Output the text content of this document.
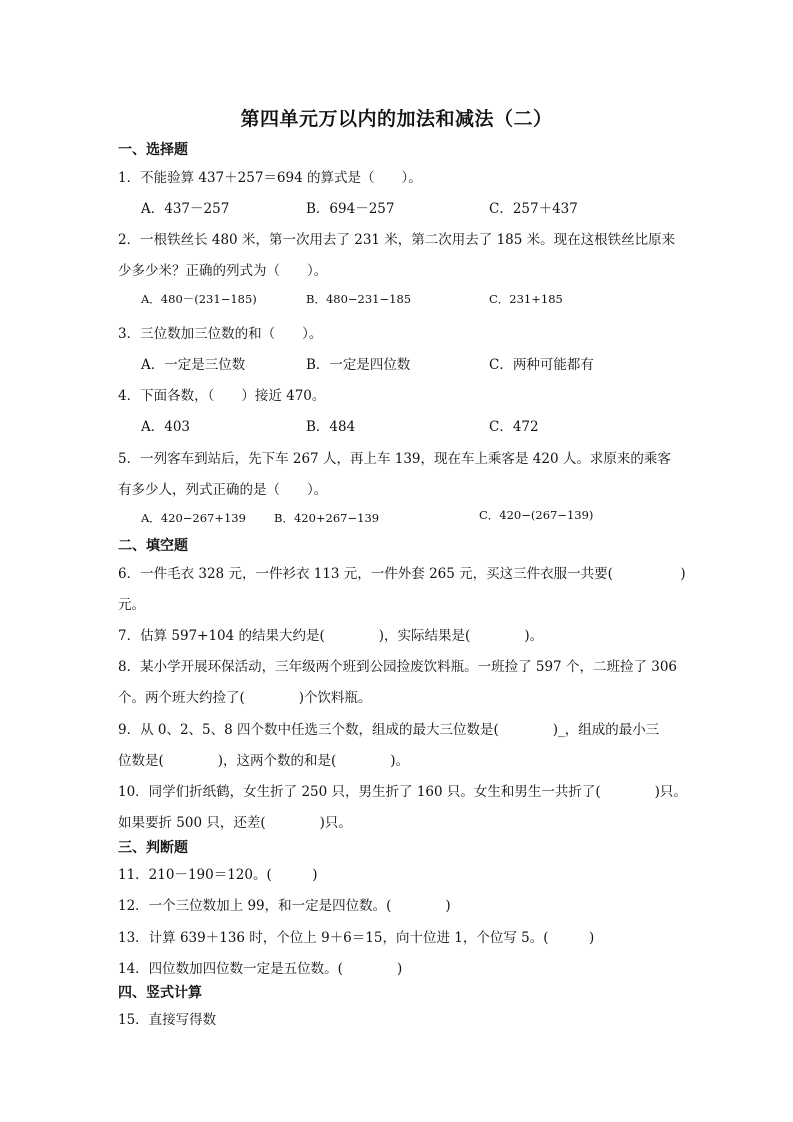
第四单元万以内的加法和减法（二）
一、选择题
1．不能验算 437＋257＝694 的算式是（　　）。
A．437－257	B．694－257	C．257＋437
2．一根铁丝长 480 米，第一次用去了 231 米，第二次用去了 185 米。现在这根铁丝比原来
少多少米？正确的列式为（　　）。
A．480－(231−185)	B．480−231−185	C．231+185
3．三位数加三位数的和（　　）。
A．一定是三位数	B．一定是四位数	C．两种可能都有
4．下面各数，（　　）接近 470。
A．403	B．484	C．472
5．一列客车到站后，先下车 267 人，再上车 139，现在车上乘客是 420 人。求原来的乘客
有多少人，列式正确的是（　　）。
A．420−267+139 B．420+267−139	C．420−(267−139)
二、填空题
6．一件毛衣 328 元，一件衫衣 113 元，一件外套 265 元，买这三件衣服一共要(　　　　　)
元。
7．估算 597+104 的结果大约是(　　　　)，实际结果是(　　　　)。
8．某小学开展环保活动，三年级两个班到公园捡废饮料瓶。一班捡了 597 个，二班捡了 306
个。两个班大约捡了(　　　　)个饮料瓶。
9．从 0、2、5、8 四个数中任选三个数，组成的最大三位数是(　　　　)_，组成的最小三
位数是(　　　　)，这两个数的和是(　　　　)。
10．同学们折纸鹤，女生折了 250 只，男生折了 160 只。女生和男生一共折了(　　　　)只。
如果要折 500 只，还差(　　　　)只。
三、判断题
11．210－190＝120。(　　　)
12．一个三位数加上 99，和一定是四位数。(　　　　)
13．计算 639＋136 时，个位上 9＋6＝15，向十位进 1，个位写 5。(　　　)
14．四位数加四位数一定是五位数。(　　　　)
四、竖式计算
15．直接写得数
